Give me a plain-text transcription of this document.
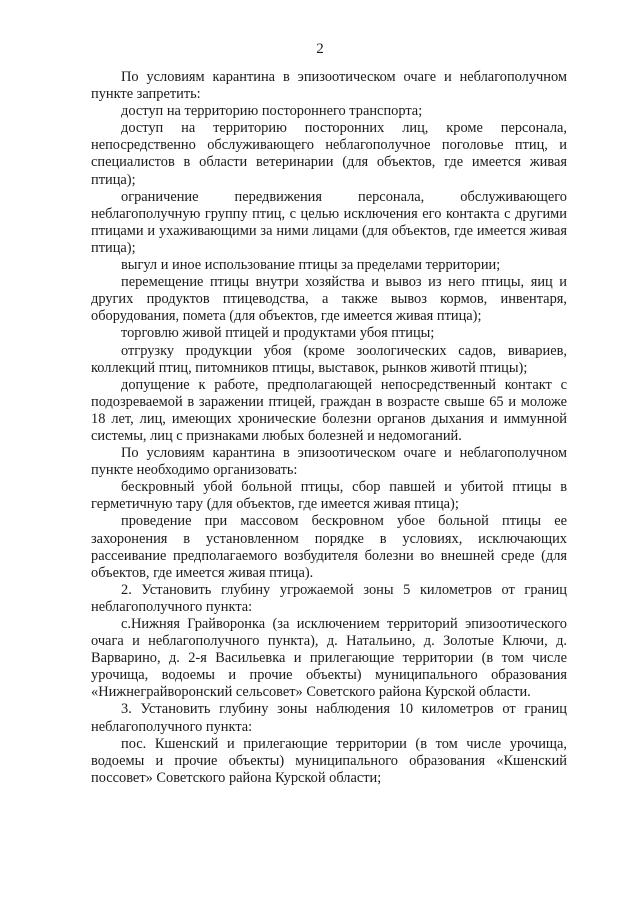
2

По условиям карантина в эпизоотическом очаге и неблагополучном пункте запретить:

доступ на территорию постороннего транспорта;

доступ на территорию посторонних лиц, кроме персонала, непосредственно обслуживающего неблагополучное поголовье птиц, и специалистов в области ветеринарии (для объектов, где имеется живая птица);

ограничение передвижения персонала, обслуживающего неблагополучную группу птиц, с целью исключения его контакта с другими птицами и ухаживающими за ними лицами (для объектов, где имеется живая птица);

выгул и иное использование птицы за пределами территории;

перемещение птицы внутри хозяйства и вывоз из него птицы, яиц и других продуктов птицеводства, а также вывоз кормов, инвентаря, оборудования, помета (для объектов, где имеется живая птица);

торговлю живой птицей и продуктами убоя птицы;

отгрузку продукции убоя (кроме зоологических садов, вивариев, коллекций птиц, питомников птицы, выставок, рынков животй птицы);

допущение к работе, предполагающей непосредственный контакт с подозреваемой в заражении птицей, граждан в возрасте свыше 65 и моложе 18 лет, лиц, имеющих хронические болезни органов дыхания и иммунной системы, лиц с признаками любых болезней и недомоганий.

По условиям карантина в эпизоотическом очаге и неблагополучном пункте необходимо организовать:

бескровный убой больной птицы, сбор павшей и убитой птицы в герметичную тару (для объектов, где имеется живая птица);

проведение при массовом бескровном убое больной птицы ее захоронения в установленном порядке в условиях, исключающих рассеивание предполагаемого возбудителя болезни во внешней среде (для объектов, где имеется живая птица).

2. Установить глубину угрожаемой зоны 5 километров от границ неблагополучного пункта:

с.Нижняя Грайворонка (за исключением территорий эпизоотического очага и неблагополучного пункта), д. Натальино, д. Золотые Ключи, д. Варварино, д. 2-я Васильевка и прилегающие территории (в том числе урочища, водоемы и прочие объекты) муниципального образования «Нижнеграйворонский сельсовет» Советского района Курской области.

3. Установить глубину зоны наблюдения 10 километров от границ неблагополучного пункта:

пос. Кшенский и прилегающие территории (в том числе урочища, водоемы и прочие объекты) муниципального образования «Кшенский поссовет» Советского района Курской области;
